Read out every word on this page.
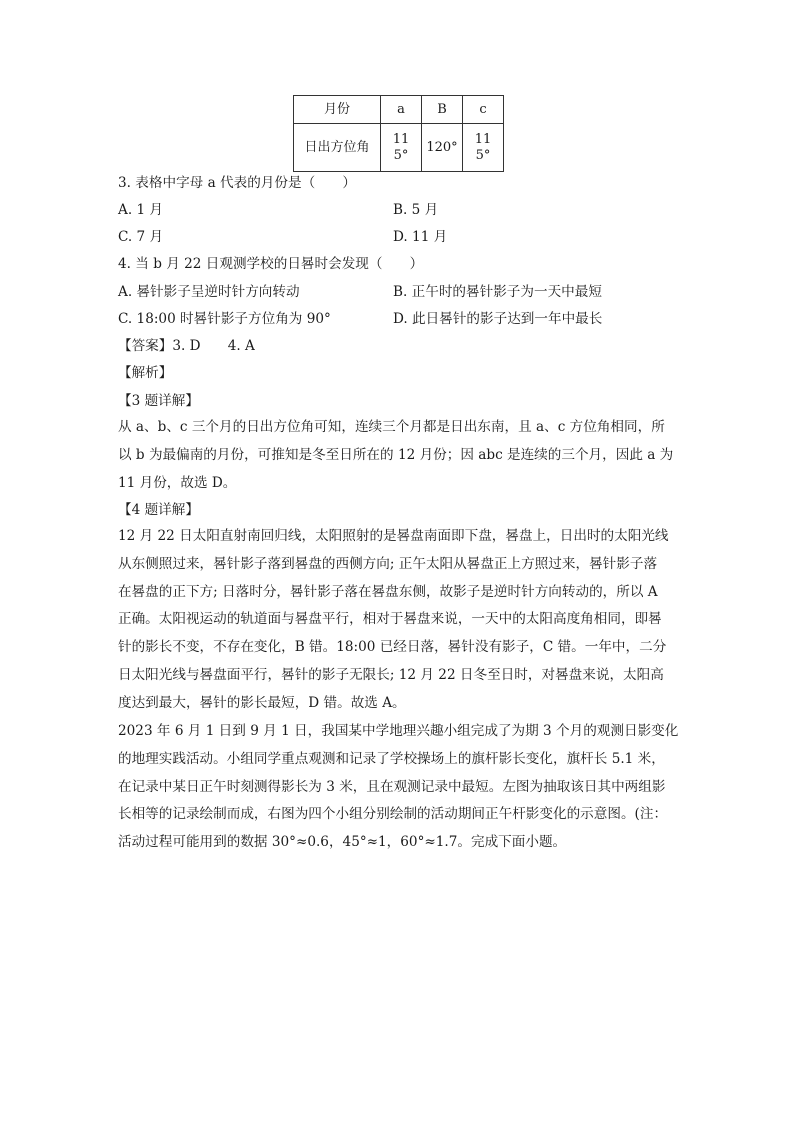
月份	a	B	c
日出方位角	115°	120°	115°
3. 表格中字母 a 代表的月份是（　　）
A. 1 月	B. 5 月
C. 7 月	D. 11 月
4. 当 b 月 22 日观测学校的日晷时会发现（　　）
A. 晷针影子呈逆时针方向转动	B. 正午时的晷针影子为一天中最短
C. 18:00 时晷针影子方位角为 90°	D. 此日晷针的影子达到一年中最长
【答案】3. D　　4. A
【解析】
【3 题详解】
从 a、b、c 三个月的日出方位角可知，连续三个月都是日出东南，且 a、c 方位角相同，所
以 b 为最偏南的月份，可推知是冬至日所在的 12 月份；因 abc 是连续的三个月，因此 a 为
11 月份，故选 D。
【4 题详解】
12 月 22 日太阳直射南回归线，太阳照射的是晷盘南面即下盘，晷盘上，日出时的太阳光线
从东侧照过来，晷针影子落到晷盘的西侧方向; 正午太阳从晷盘正上方照过来，晷针影子落
在晷盘的正下方; 日落时分，晷针影子落在晷盘东侧，故影子是逆时针方向转动的，所以 A
正确。太阳视运动的轨道面与晷盘平行，相对于晷盘来说，一天中的太阳高度角相同，即晷
针的影长不变，不存在变化，B 错。18:00 已经日落，晷针没有影子，C 错。一年中，二分
日太阳光线与晷盘面平行，晷针的影子无限长; 12 月 22 日冬至日时，对晷盘来说，太阳高
度达到最大，晷针的影长最短，D 错。故选 A。
2023 年 6 月 1 日到 9 月 1 日，我国某中学地理兴趣小组完成了为期 3 个月的观测日影变化
的地理实践活动。小组同学重点观测和记录了学校操场上的旗杆影长变化，旗杆长 5.1 米，
在记录中某日正午时刻测得影长为 3 米，且在观测记录中最短。左图为抽取该日其中两组影
长相等的记录绘制而成，右图为四个小组分别绘制的活动期间正午杆影变化的示意图。(注：
活动过程可能用到的数据 30°≈0.6，45°≈1，60°≈1.7。完成下面小题。
